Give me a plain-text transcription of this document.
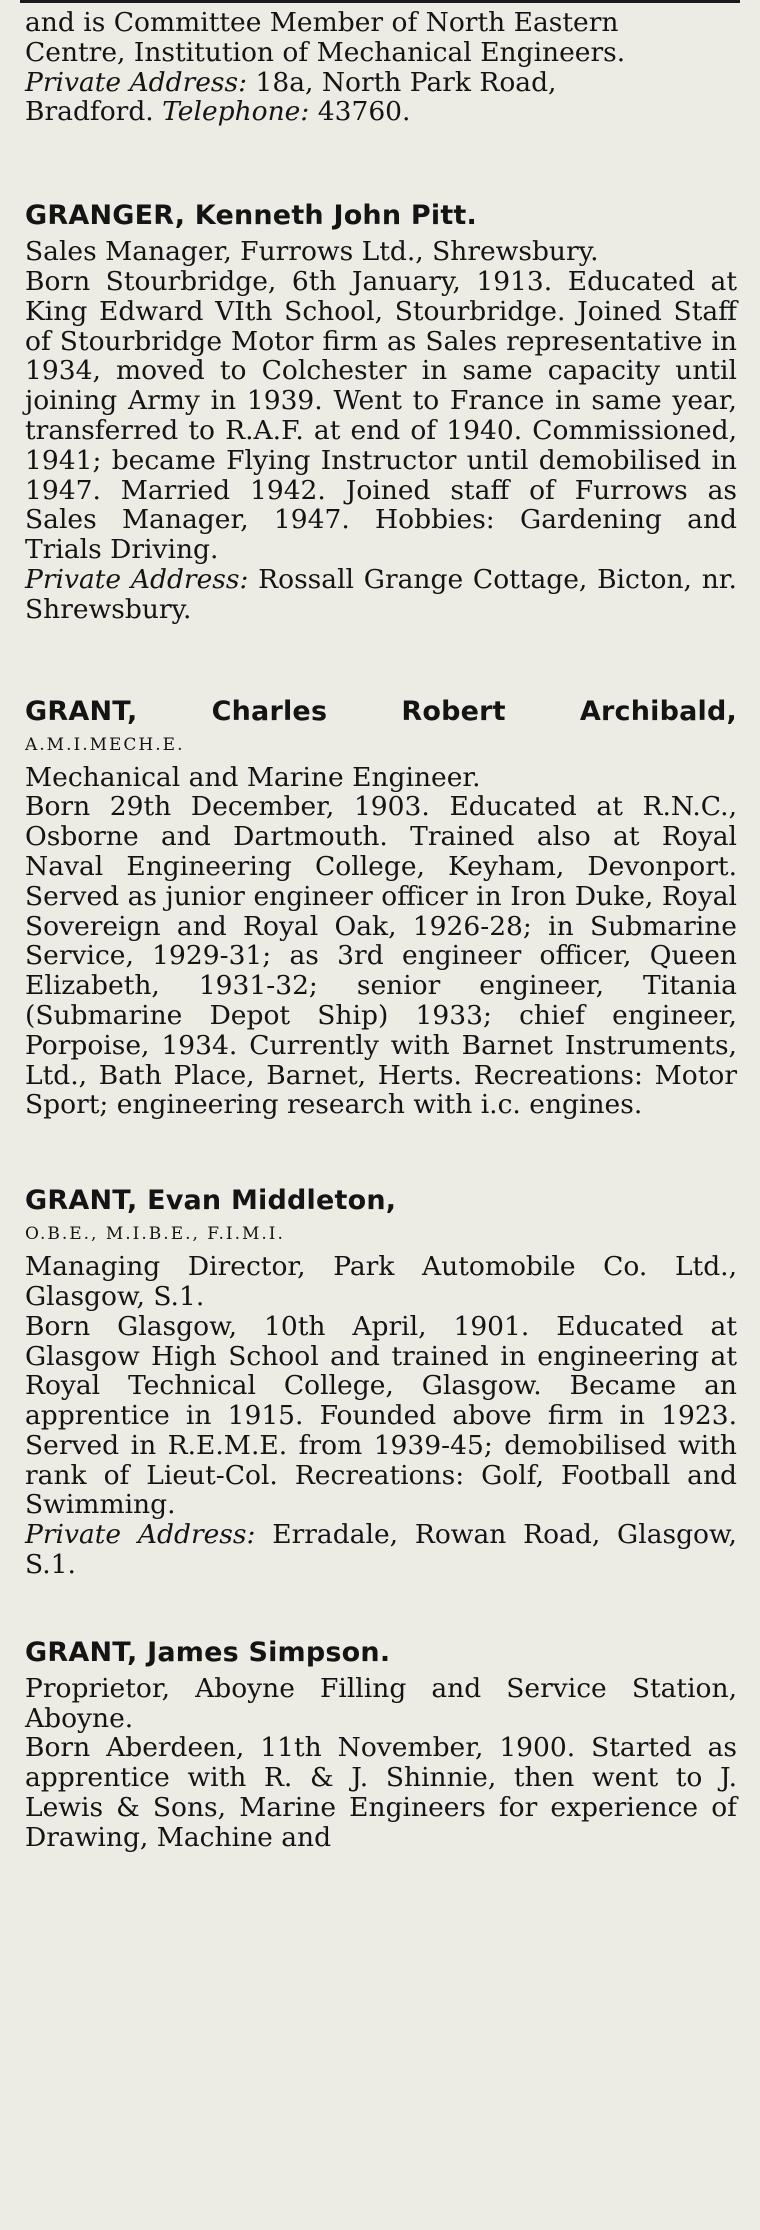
and is Committee Member of North Eastern
Centre, Institution of Mechanical Engineers.
Private Address: 18a, North Park Road,
Bradford. Telephone: 43760.

GRANGER, Kenneth John Pitt.

Sales Manager, Furrows Ltd., Shrewsbury.

Born Stourbridge, 6th January, 1913. Educated at King Edward VIth School, Stourbridge. Joined Staff of Stourbridge Motor firm as Sales representative in 1934, moved to Colchester in same capacity until joining Army in 1939. Went to France in same year, transferred to R.A.F. at end of 1940. Commissioned, 1941; became Flying Instructor until demobilised in 1947. Married 1942. Joined staff of Furrows as Sales Manager, 1947. Hobbies: Gardening and Trials Driving.

Private Address: Rossall Grange Cottage, Bicton, nr. Shrewsbury.

GRANT,	Charles	Robert	Archibald,

A.M.I.MECH.E.

Mechanical and Marine Engineer.

Born 29th December, 1903. Educated at R.N.C., Osborne and Dartmouth. Trained also at Royal Naval Engineering College, Keyham, Devonport. Served as junior engineer officer in Iron Duke, Royal Sovereign and Royal Oak, 1926-28; in Submarine Service, 1929-31; as 3rd engineer officer, Queen Elizabeth, 1931-32; senior engineer, Titania (Submarine Depot Ship) 1933; chief engineer, Porpoise, 1934. Currently with Barnet Instruments, Ltd., Bath Place, Barnet, Herts. Recreations: Motor Sport; engineering research with i.c. engines.

GRANT, Evan Middleton,

O.B.E., M.I.B.E., F.I.M.I.

Managing Director, Park Automobile Co. Ltd., Glasgow, S.1.

Born Glasgow, 10th April, 1901. Educated at Glasgow High School and trained in engineering at Royal Technical College, Glasgow. Became an apprentice in 1915. Founded above firm in 1923. Served in R.E.M.E. from 1939-45; demobilised with rank of Lieut-Col. Recreations: Golf, Football and Swimming.

Private Address: Erradale, Rowan Road, Glasgow, S.1.

GRANT, James Simpson.

Proprietor, Aboyne Filling and Service Station, Aboyne.

Born Aberdeen, 11th November, 1900. Started as apprentice with R. & J. Shinnie, then went to J. Lewis & Sons, Marine Engineers for experience of Drawing, Machine and
